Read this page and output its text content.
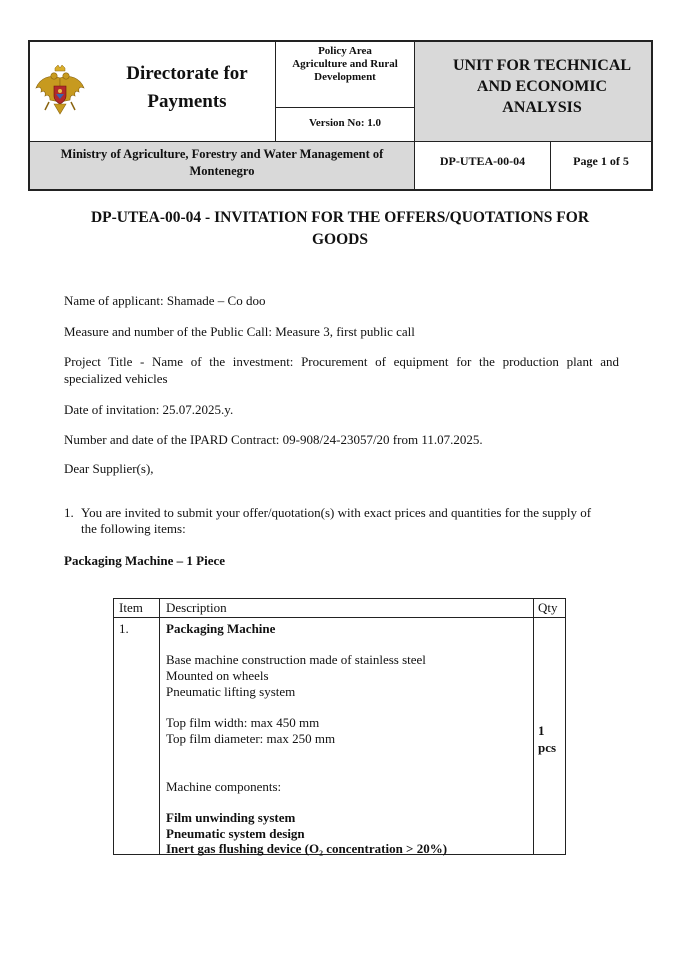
Directorate for
Payments
Policy Area
Agriculture and Rural
Development
Version No: 1.0
UNIT FOR TECHNICAL
AND ECONOMIC
ANALYSIS
Ministry of Agriculture, Forestry and Water Management of
Montenegro
DP-UTEA-00-04	Page 1 of 5
DP-UTEA-00-04 - INVITATION FOR THE OFFERS/QUOTATIONS FOR
GOODS
Name of applicant: Shamade – Co doo
Measure and number of the Public Call: Measure 3, first public call
Project Title - Name of the investment: Procurement of equipment for the production plant and
specialized vehicles
Date of invitation: 25.07.2025.y.
Number and date of the IPARD Contract: 09-908/24-23057/20 from 11.07.2025.
Dear Supplier(s),
1. You are invited to submit your offer/quotation(s) with exact prices and quantities for the supply of
the following items:
Packaging Machine – 1 Piece
Item Description	Qty
1.	Packaging Machine
Base machine construction made of stainless steel
Mounted on wheels
Pneumatic lifting system
Top film width: max 450 mm
Top film diameter: max 250 mm
Machine components:
Film unwinding system
Pneumatic system design
Inert gas flushing device (O₂ concentration > 20%)
1
pcs
